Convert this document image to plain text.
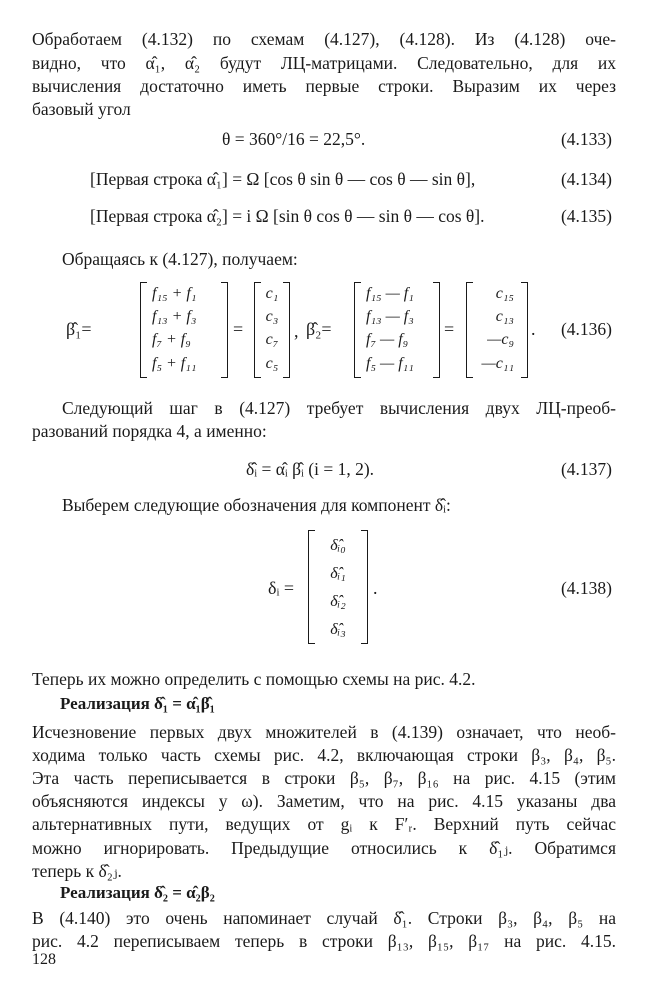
Обработаем (4.132) по схемам (4.127), (4.128). Из (4.128) оче-
видно, что α̂₁, α̂₂ будут ЛЦ-матрицами. Следовательно, для их
вычисления достаточно иметь первые строки. Выразим их через
базовый угол
θ = 360°/16 = 22,5°.	(4.133)
[Первая строка α̂₁] = Ω [cos θ sin θ — cos θ — sin θ],	(4.134)
[Первая строка α̂₂] = i Ω [sin θ cos θ — sin θ — cos θ].	(4.135)
Обращаясь к (4.127), получаем:
β̂₁=
f₁₅ + f₁
f₁₃ + f₃
f₇ + f₉
f₅ + f₁₁
=
c₁
c₃
c₇
c₅
, β̂₂=
f₁₅ — f₁
f₁₃ — f₃
f₇ — f₉
f₅ — f₁₁
=
c₁₅
c₁₃
—c₉
—c₁₁
. (4.136)
Следующий шаг в (4.127) требует вычисления двух ЛЦ-преоб-
разований порядка 4, а именно:
δ̂ᵢ = α̂ᵢ β̂ᵢ (i = 1, 2).	(4.137)
Выберем следующие обозначения для компонент δ̂ᵢ:
δᵢ =
δ̂ᵢ₀
δ̂ᵢ₁
δ̂ᵢ₂
δ̂ᵢ₃
.	(4.138)
Теперь их можно определить с помощью схемы на рис. 4.2.
Реализация δ̂₁ = α̂₁β̂₁
Исчезновение первых двух множителей в (4.139) означает, что необ-
ходима только часть схемы рис. 4.2, включающая строки β₃, β₄, β₅.
Эта часть переписывается в строки β₅, β₇, β₁₆ на рис. 4.15 (этим
объясняются индексы у ω). Заметим, что на рис. 4.15 указаны два
альтернативных пути, ведущих от gᵢ к F′ᵣ. Верхний путь сейчас
можно игнорировать. Предыдущие относились к δ̂₁ⱼ. Обратимся
теперь к δ̂₂ⱼ.
Реализация δ̂₂ = α̂₂β₂
В (4.140) это очень напоминает случай δ̂₁. Строки β₃, β₄, β₅ на
рис. 4.2 переписываем теперь в строки β₁₃, β₁₅, β₁₇ на рис. 4.15.
128
